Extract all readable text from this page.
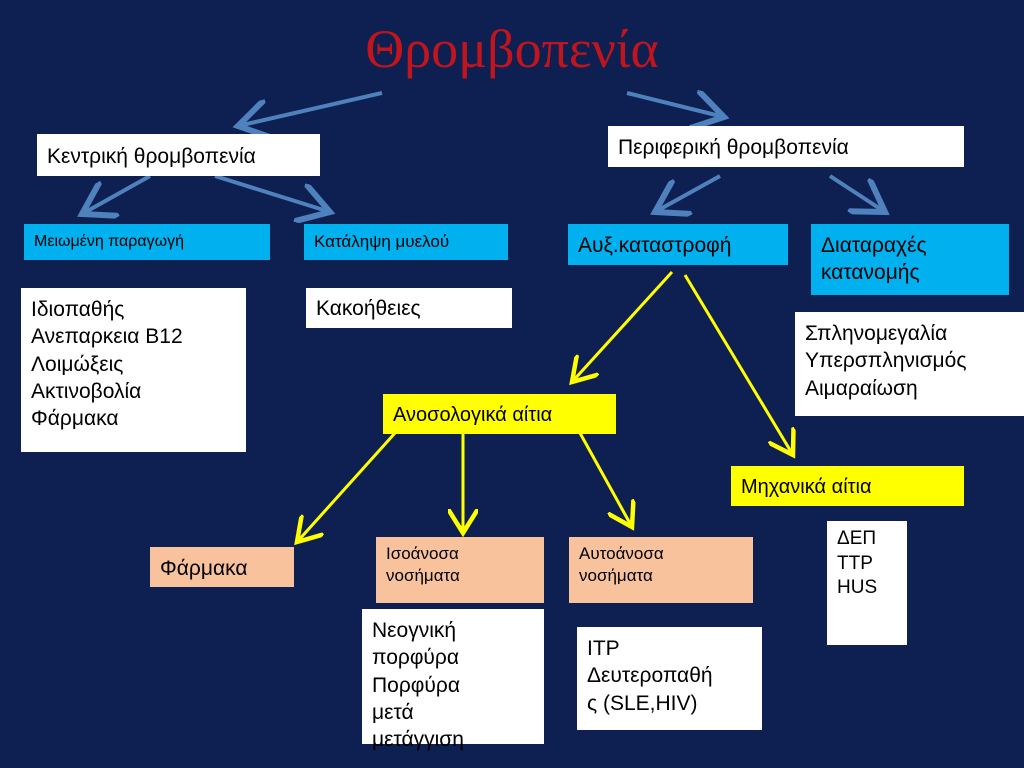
Θρομβοπενία
Κεντρική θρομβοπενία	Περιφερική θρομβοπενία
Μειωμένη παραγωγή	Κατάληψη μυελού	Αυξ.καταστροφή	Διαταραχές
κατανομής
Ιδιοπαθής
Ανεπαρκεια Β12
Λοιμώξεις
Ακτινοβολία
Φάρμακα
Κακοήθειες
Σπληνομεγαλία
Υπερσπληνισμός
Αιμαραίωση
Ανοσολογικά αίτια
Μηχανικά αίτια
ΔΕΠ
TTP
HUS
Φάρμακα
Ισοάνοσα
νοσήματα
Αυτοάνοσα
νοσήματα
Νεογνική
πορφύρα
Πορφύρα
μετά
μετάγγιση
ITP
Δευτεροπαθή
ς (SLE,HIV)
